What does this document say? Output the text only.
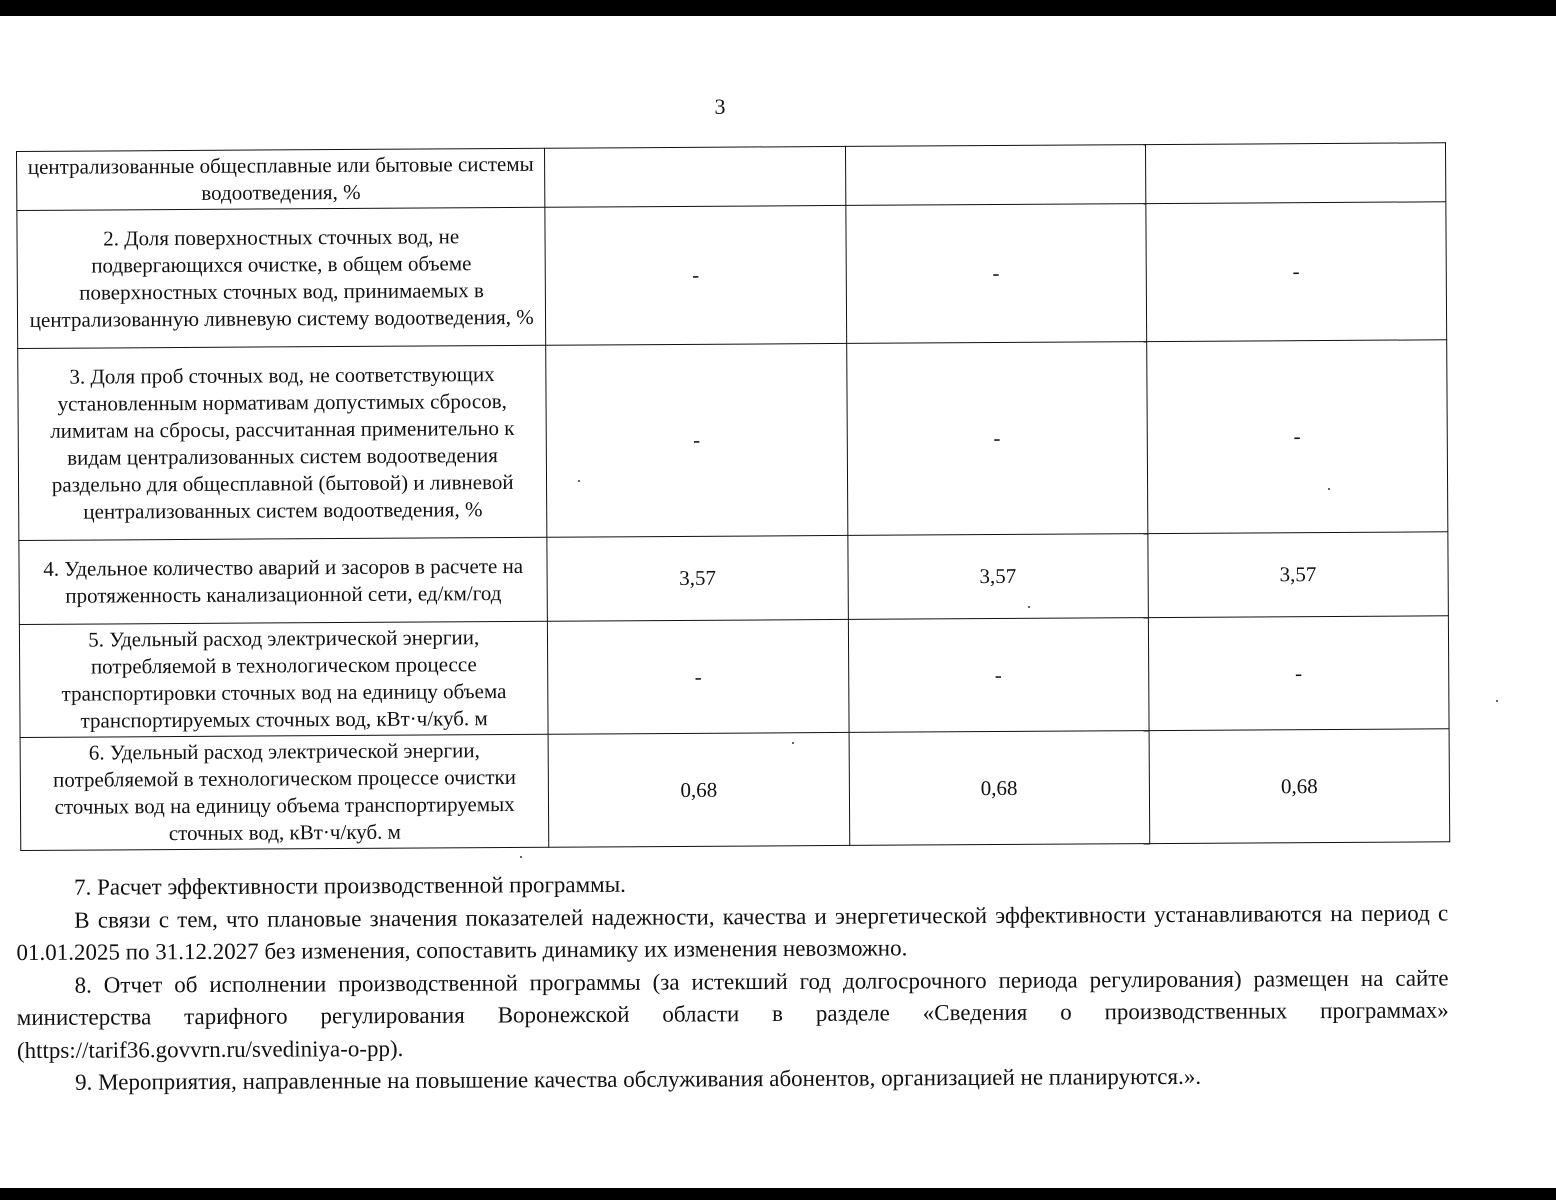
3
централизованные общесплавные или бытовые системы водоотведения, %			
2. Доля поверхностных сточных вод, не подвергающихся очистке, в общем объеме поверхностных сточных вод, принимаемых в централизованную ливневую систему водоотведения, %	-	-	-
3. Доля проб сточных вод, не соответствующих установленным нормативам допустимых сбросов, лимитам на сбросы, рассчитанная применительно к видам централизованных систем водоотведения раздельно для общесплавной (бытовой) и ливневой централизованных систем водоотведения, %	-	-	-
4. Удельное количество аварий и засоров в расчете на протяженность канализационной сети, ед/км/год	3,57	3,57	3,57
5. Удельный расход электрической энергии, потребляемой в технологическом процессе транспортировки сточных вод на единицу объема транспортируемых сточных вод, кВт·ч/куб. м	-	-	-
6. Удельный расход электрической энергии, потребляемой в технологическом процессе очистки сточных вод на единицу объема транспортируемых сточных вод, кВт·ч/куб. м	0,68	0,68	0,68

7. Расчет эффективности производственной программы.

В связи с тем, что плановые значения показателей надежности, качества и энергетической эффективности устанавливаются на период с 01.01.2025 по 31.12.2027 без изменения, сопоставить динамику их изменения невозможно.

8. Отчет об исполнении производственной программы (за истекший год долгосрочного периода регулирования) размещен на сайте министерства тарифного регулирования Воронежской области в разделе «Сведения о производственных программах» (https://tarif36.govvrn.ru/svediniya-o-pp).

9. Мероприятия, направленные на повышение качества обслуживания абонентов, организацией не планируются.».
